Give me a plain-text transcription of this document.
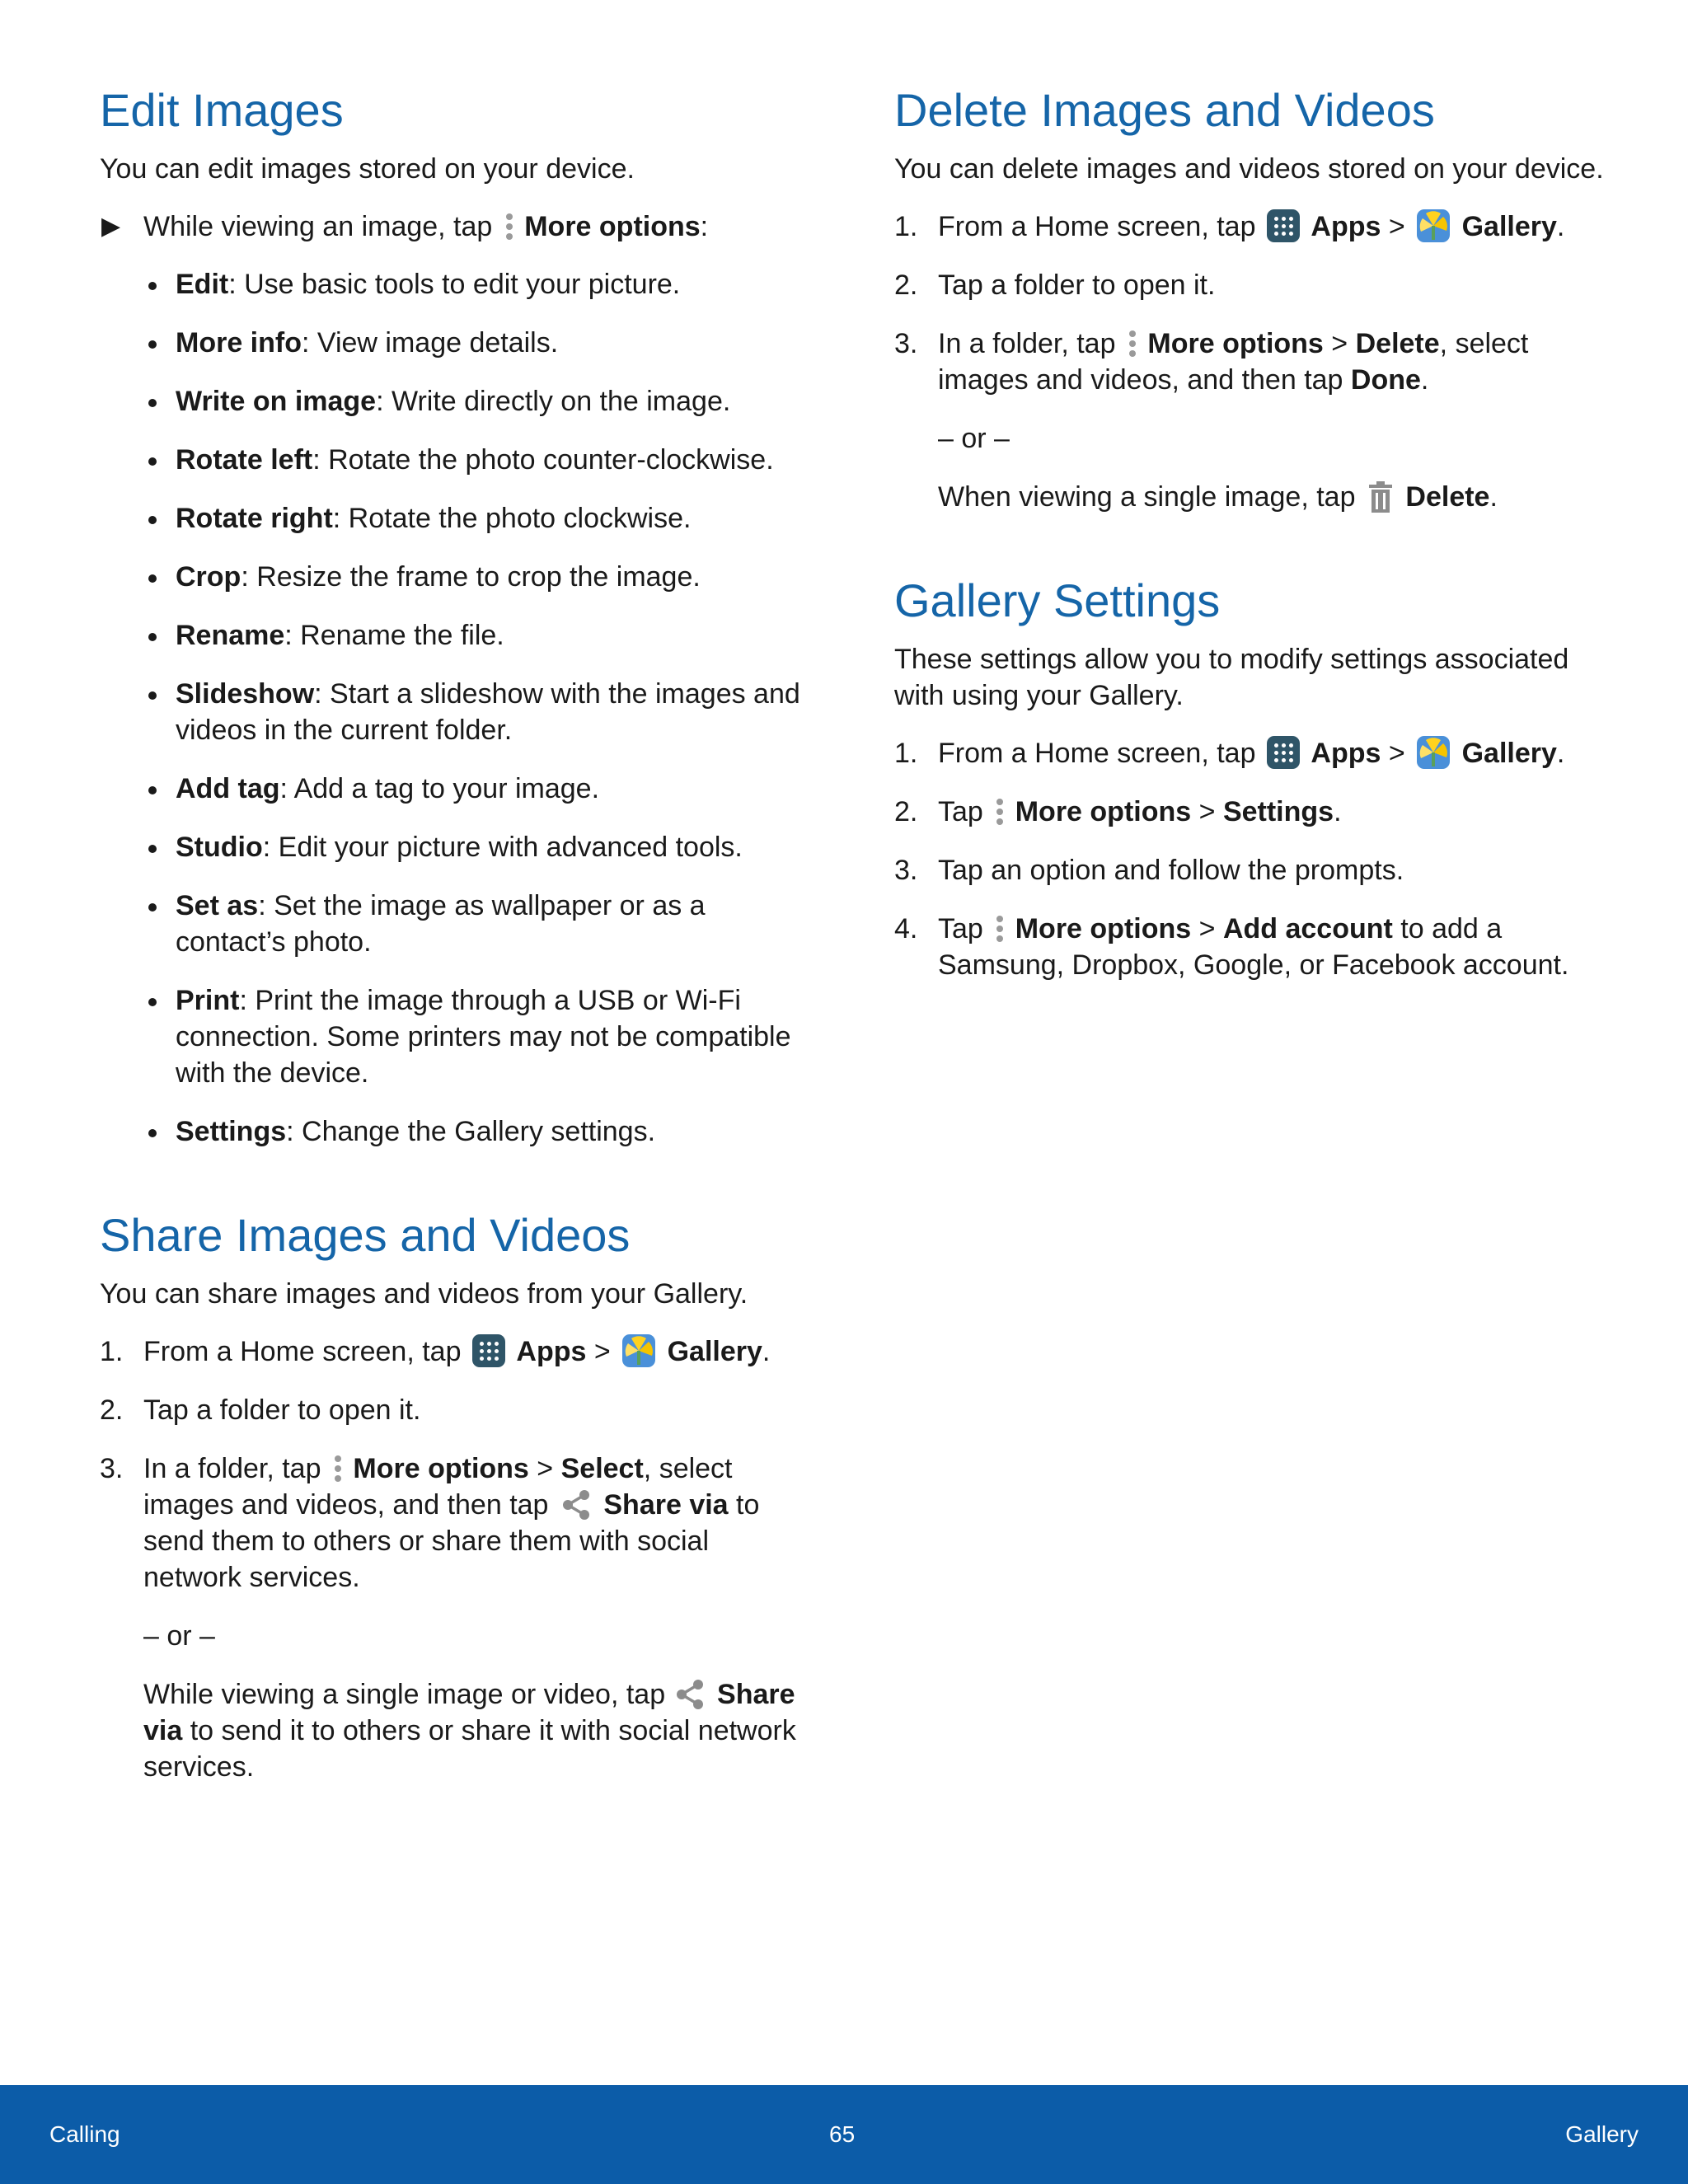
Edit Images

You can edit images stored on your device.

▶ While viewing an image, tap More options:
Edit: Use basic tools to edit your picture.
More info: View image details.
Write on image: Write directly on the image.
Rotate left: Rotate the photo counter-clockwise.
Rotate right: Rotate the photo clockwise.
Crop: Resize the frame to crop the image.
Rename: Rename the file.
Slideshow: Start a slideshow with the images and videos in the current folder.
Add tag: Add a tag to your image.
Studio: Edit your picture with advanced tools.
Set as: Set the image as wallpaper or as a contact’s photo.
Print: Print the image through a USB or Wi-Fi connection. Some printers may not be compatible with the device.
Settings: Change the Gallery settings.
Share Images and Videos

You can share images and videos from your Gallery.

1. From a Home screen, tap Apps > Gallery.
2. Tap a folder to open it.
3. In a folder, tap More options > Select, select images and videos, and then tap Share via to send them to others or share them with social network services.

– or –

While viewing a single image or video, tap Share via to send it to others or share it with social network services.

Delete Images and Videos

You can delete images and videos stored on your device.

1. From a Home screen, tap Apps > Gallery.
2. Tap a folder to open it.
3. In a folder, tap More options > Delete, select images and videos, and then tap Done.

– or –

When viewing a single image, tap Delete.

Gallery Settings

These settings allow you to modify settings associated with using your Gallery.

1. From a Home screen, tap Apps > Gallery.
2. Tap More options > Settings.
3. Tap an option and follow the prompts.
4. Tap More options > Add account to add a Samsung, Dropbox, Google, or Facebook account.
Calling	65	Gallery
